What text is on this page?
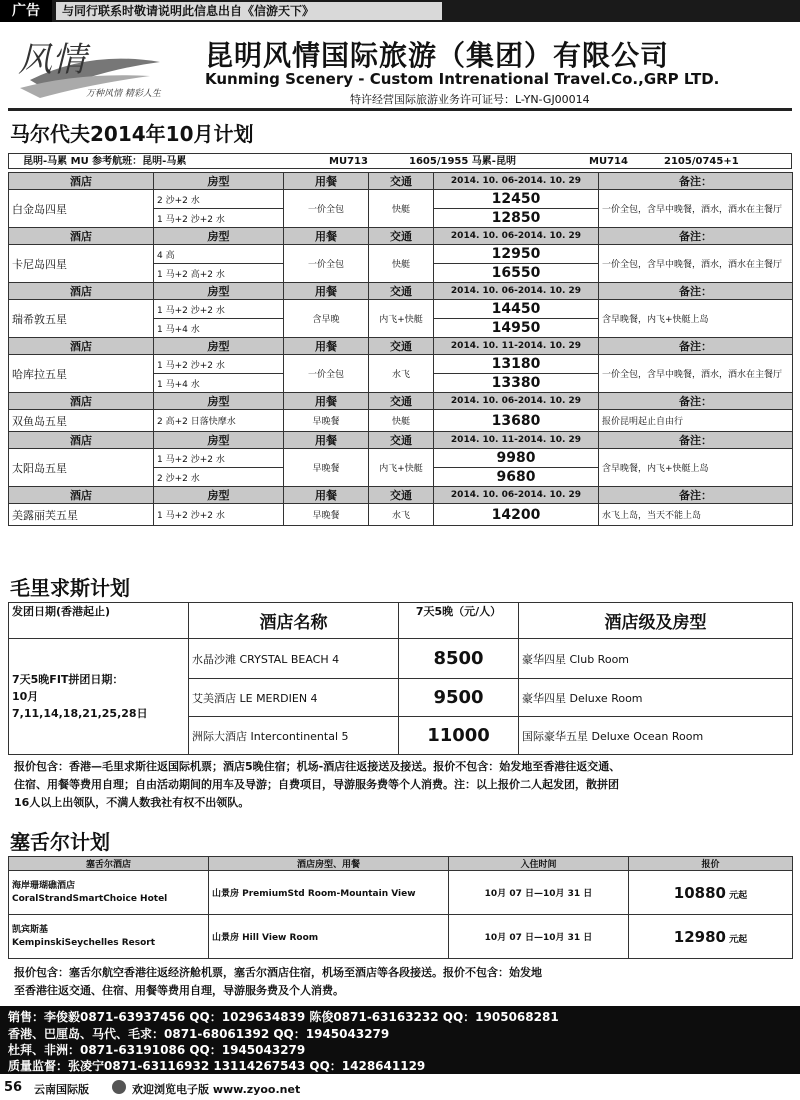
广告	与同行联系时敬请说明此信息出自《信游天下》
风情
万种风情 精彩人生
昆明风情国际旅游（集团）有限公司
Kunming Scenery - Custom Intrenational Travel.Co.,GRP LTD.
特许经营国际旅游业务许可证号：L-YN-GJ00014
马尔代夫2014年10月计划
昆明-马累 MU 参考航班：昆明-马累	MU713	1605/1955 马累-昆明	MU714	2105/0745+1
酒店	房型	用餐	交通	2014. 10. 06-2014. 10. 29	备注：
白金岛四星	2 沙+2 水	一价全包	快艇	12450	一价全包，含早中晚餐，酒水，酒水在主餐厅
	1 马+2 沙+2 水			12850	
酒店	房型	用餐	交通	2014. 10. 06-2014. 10. 29	备注：
卡尼岛四星	4 高	一价全包	快艇	12950	一价全包，含早中晚餐，酒水，酒水在主餐厅
	1 马+2 高+2 水			16550	
酒店	房型	用餐	交通	2014. 10. 06-2014. 10. 29	备注：
瑞希敦五星	1 马+2 沙+2 水	含早晚	内飞+快艇	14450	含早晚餐，内飞+快艇上岛
	1 马+4 水			14950	
酒店	房型	用餐	交通	2014. 10. 11-2014. 10. 29	备注：
哈库拉五星	1 马+2 沙+2 水	一价全包	水飞	13180	一价全包，含早中晚餐，酒水，酒水在主餐厅
	1 马+4 水			13380	
酒店	房型	用餐	交通	2014. 10. 06-2014. 10. 29	备注：
双鱼岛五星	2 高+2 日落快摩水	早晚餐	快艇	13680	报价昆明起止自由行
酒店	房型	用餐	交通	2014. 10. 11-2014. 10. 29	备注：
太阳岛五星	1 马+2 沙+2 水	早晚餐	内飞+快艇	9980	含早晚餐，内飞+快艇上岛
	2 沙+2 水			9680	
酒店	房型	用餐	交通	2014. 10. 06-2014. 10. 29	备注：
美露丽芙五星	1 马+2 沙+2 水	早晚餐	水飞	14200	水飞上岛，当天不能上岛
毛里求斯计划
发团日期(香港起止)	酒店名称	7天5晚（元/人）	酒店级及房型

7天5晚FIT拼团日期：
10月
7,11,14,18,21,25,28日	水晶沙滩 CRYSTAL BEACH 4	8500	豪华四星 Club Room
	艾美酒店 LE MERDIEN 4	9500	豪华四星 Deluxe Room
	洲际大酒店 Intercontinental 5	11000	国际豪华五星 Deluxe Ocean Room
报价包含：香港—毛里求斯往返国际机票；酒店5晚住宿；机场-酒店往返接送及接送。报价不包含：始发地至香港往返交通、
住宿、用餐等费用自理；自由活动期间的用车及导游；自费项目，导游服务费等个人消费。注：以上报价二人起发团，散拼团
16人以上出领队，不满人数我社有权不出领队。
塞舌尔计划
塞舌尔酒店	酒店房型、用餐	入住时间	报价

海岸珊瑚礁酒店
CoralStrandSmartChoice Hotel	山景房 PremiumStd Room-Mountain View	10月 07 日—10月 31 日	10880 元起

凯宾斯基
KempinskiSeychelles Resort	山景房 Hill View Room	10月 07 日—10月 31 日	12980 元起
报价包含：塞舌尔航空香港往返经济舱机票，塞舌尔酒店住宿，机场至酒店等各段接送。报价不包含：始发地
至香港往返交通、住宿、用餐等费用自理，导游服务费及个人消费。
销售：李俊毅0871-63937456 QQ：1029634839 陈俊0871-63163232 QQ：1905068281
香港、巴厘岛、马代、毛求：0871-68061392 QQ：1945043279
杜拜、非洲：0871-63191086 QQ：1945043279
质量监督：张凌宁0871-63116932 13114267543 QQ：1428641129
56 云南国际版	欢迎浏览电子版 www.zyoo.net
